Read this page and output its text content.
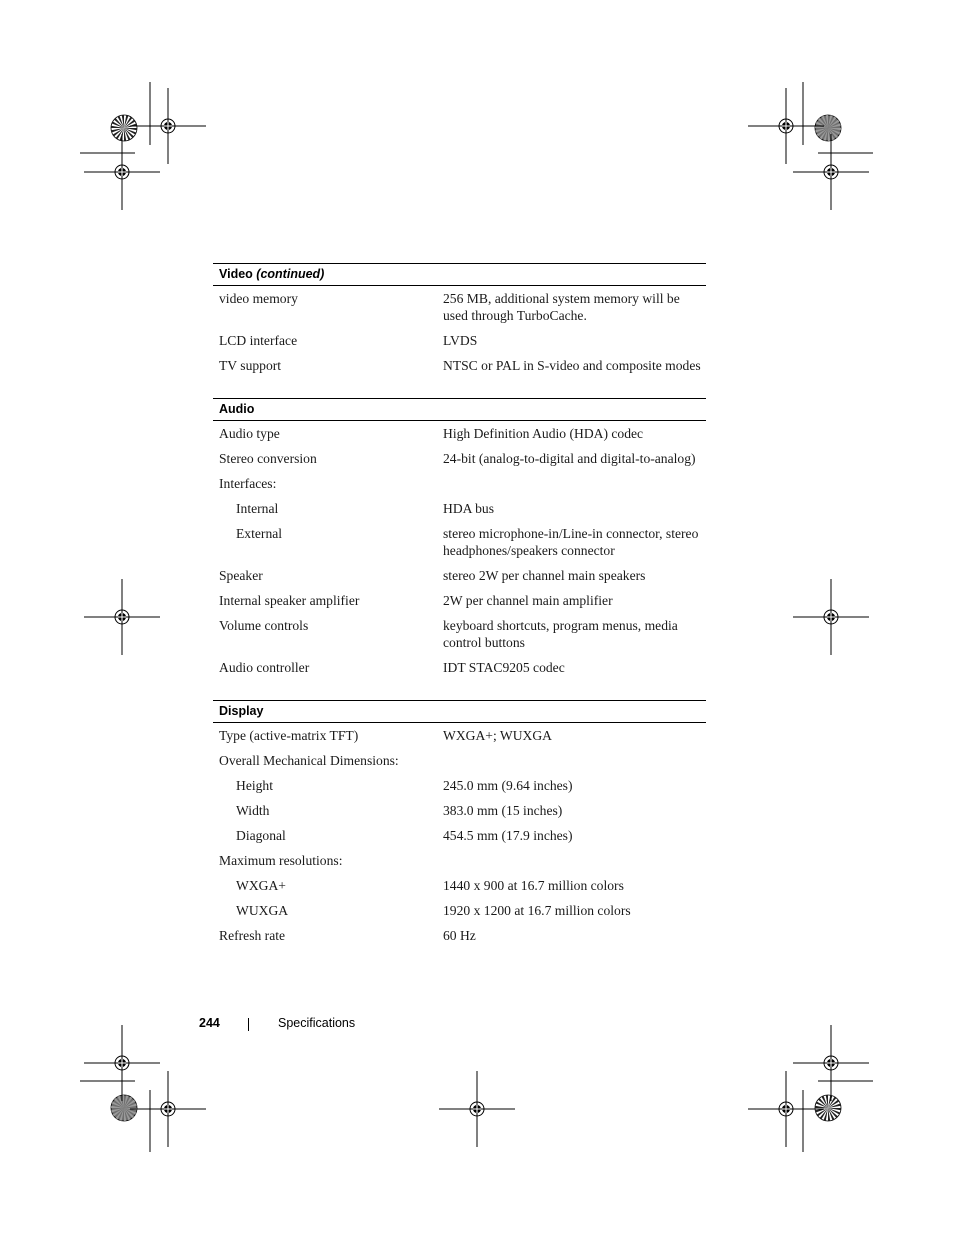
Video (continued)
video memory	256 MB, additional system memory will be used through TurboCache.
LCD interface	LVDS
TV support	NTSC or PAL in S-video and composite modes
Audio
Audio type	High Definition Audio (HDA) codec
Stereo conversion	24-bit (analog-to-digital and digital-to-analog)
Interfaces:
Internal	HDA bus
External	stereo microphone-in/Line-in connector, stereo headphones/speakers connector
Speaker	stereo 2W per channel main speakers
Internal speaker amplifier	2W per channel main amplifier
Volume controls	keyboard shortcuts, program menus, media control buttons
Audio controller	IDT STAC9205 codec
Display
Type (active-matrix TFT)	WXGA+; WUXGA
Overall Mechanical Dimensions:
Height	245.0 mm (9.64 inches)
Width	383.0 mm (15 inches)
Diagonal	454.5 mm (17.9 inches)
Maximum resolutions:
WXGA+	1440 x 900 at 16.7 million colors
WUXGA	1920 x 1200 at 16.7 million colors
Refresh rate	60 Hz
244	Specifications
